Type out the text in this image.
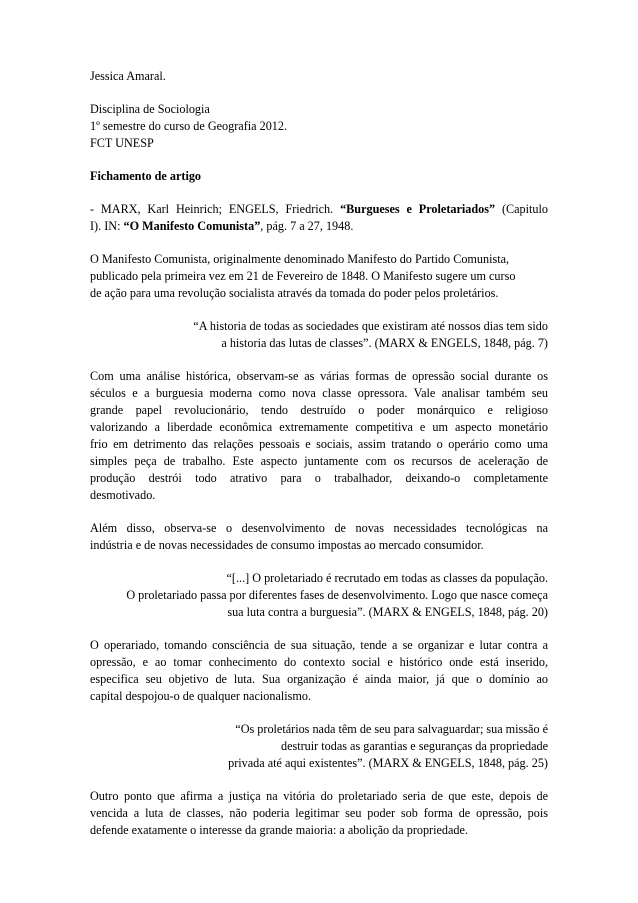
Jessica Amaral.
Disciplina de Sociologia
1º semestre do curso de Geografia 2012.
FCT UNESP
Fichamento de artigo
- MARX, Karl Heinrich; ENGELS, Friedrich. “Burgueses e Proletariados” (Capitulo
I). IN: “O Manifesto Comunista”, pág. 7 a 27, 1948.
O Manifesto Comunista, originalmente denominado Manifesto do Partido Comunista,
publicado pela primeira vez em 21 de Fevereiro de 1848. O Manifesto sugere um curso
de ação para uma revolução socialista através da tomada do poder pelos proletários.
“A historia de todas as sociedades que existiram até nossos dias tem sido
a historia das lutas de classes”. (MARX & ENGELS, 1848, pág. 7)
Com uma análise histórica, observam-se as várias formas de opressão social durante os
séculos e a burguesia moderna como nova classe opressora. Vale analisar também seu
grande papel revolucionário, tendo destruído o poder monárquico e religioso
valorizando a liberdade econômica extremamente competitiva e um aspecto monetário
frio em detrimento das relações pessoais e sociais, assim tratando o operário como uma
simples peça de trabalho. Este aspecto juntamente com os recursos de aceleração de
produção destrói todo atrativo para o trabalhador, deixando-o completamente
desmotivado.
Além disso, observa-se o desenvolvimento de novas necessidades tecnológicas na
indústria e de novas necessidades de consumo impostas ao mercado consumidor.
“[...] O proletariado é recrutado em todas as classes da população.
O proletariado passa por diferentes fases de desenvolvimento. Logo que nasce começa
sua luta contra a burguesia”. (MARX & ENGELS, 1848, pág. 20)
O operariado, tomando consciência de sua situação, tende a se organizar e lutar contra a
opressão, e ao tomar conhecimento do contexto social e histórico onde está inserido,
especifica seu objetivo de luta. Sua organização é ainda maior, já que o domínio ao
capital despojou-o de qualquer nacionalismo.
“Os proletários nada têm de seu para salvaguardar; sua missão é
destruir todas as garantias e seguranças da propriedade
privada até aqui existentes”. (MARX & ENGELS, 1848, pág. 25)
Outro ponto que afirma a justiça na vitória do proletariado seria de que este, depois de
vencida a luta de classes, não poderia legitimar seu poder sob forma de opressão, pois
defende exatamente o interesse da grande maioria: a abolição da propriedade.
